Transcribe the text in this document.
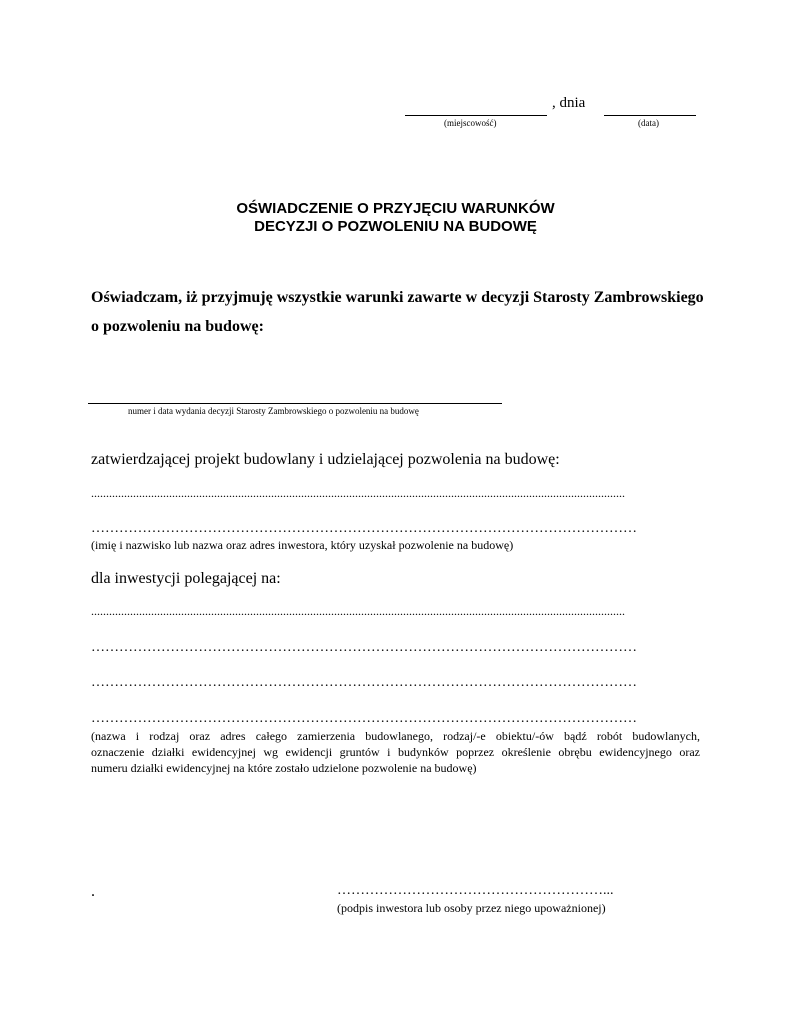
, dnia
(miejscowość)	(data)
OŚWIADCZENIE O PRZYJĘCIU WARUNKÓW
DECYZJI O POZWOLENIU NA BUDOWĘ
Oświadczam, iż przyjmuję wszystkie warunki zawarte w decyzji Starosty Zambrowskiego
o pozwoleniu na budowę:
numer i data wydania decyzji Starosty Zambrowskiego o pozwoleniu na budowę
zatwierdzającej projekt budowlany i udzielającej pozwolenia na budowę:
..................................................................................................................................................................................
………………………………………………………………………………………………………
(imię i nazwisko lub nazwa oraz adres inwestora, który uzyskał pozwolenie na budowę)
dla inwestycji polegającej na:
..................................................................................................................................................................................
………………………………………………………………………………………………………
………………………………………………………………………………………………………
………………………………………………………………………………………………………
(nazwa i rodzaj oraz adres całego zamierzenia budowlanego, rodzaj/-e obiektu/-ów bądź robót budowlanych,
oznaczenie działki ewidencyjnej wg ewidencji gruntów i budynków poprzez określenie obrębu ewidencyjnego oraz
numeru działki ewidencyjnej na które zostało udzielone pozwolenie na budowę)
.	…………………………………………………...
(podpis inwestora lub osoby przez niego upoważnionej)
